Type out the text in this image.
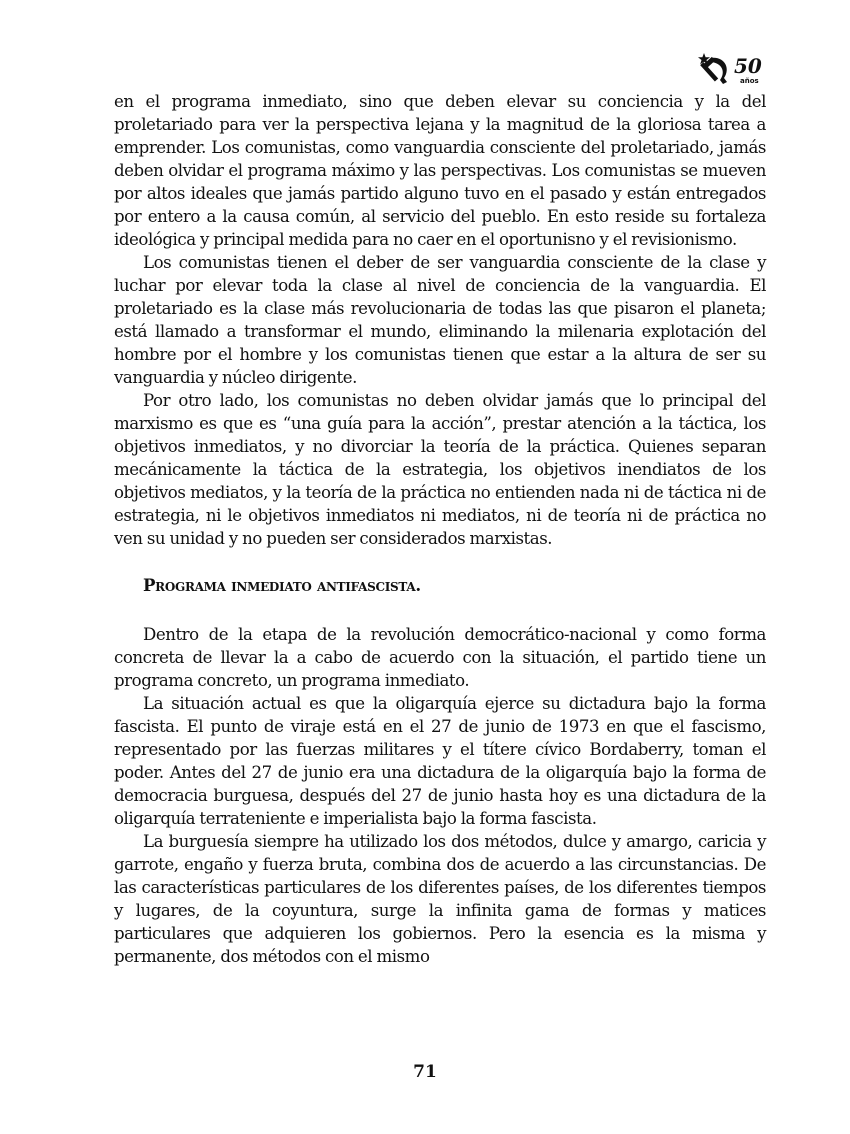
50
años

en el programa inmediato, sino que deben elevar su conciencia y la del proletariado para ver la perspectiva lejana y la magnitud de la gloriosa tarea a emprender. Los comunistas, como vanguardia consciente del proletariado, jamás deben olvidar el programa máximo y las perspectivas. Los comunistas se mueven por altos ideales que jamás partido alguno tuvo en el pasado y están entregados por entero a la causa común, al servicio del pueblo. En esto reside su fortaleza ideológica y principal medida para no caer en el oportunisno y el revisionismo.

Los comunistas tienen el deber de ser vanguardia consciente de la clase y luchar por elevar toda la clase al nivel de conciencia de la vanguardia. El proletariado es la clase más revolucionaria de todas las que pisaron el planeta; está llamado a transformar el mundo, eliminando la milenaria explotación del hombre por el hombre y los comunistas tienen que estar a la altura de ser su vanguardia y núcleo dirigente.

Por otro lado, los comunistas no deben olvidar jamás que lo principal del marxismo es que es “una guía para la acción”, prestar atención a la táctica, los objetivos inmediatos, y no divorciar la teoría de la práctica. Quienes separan mecánicamente la táctica de la estrategia, los objetivos inendiatos de los objetivos mediatos, y la teoría de la práctica no entienden nada ni de táctica ni de estrategia, ni le objetivos inmediatos ni mediatos, ni de teoría ni de práctica no ven su unidad y no pueden ser considerados marxistas.

Programa inmediato antifascista.

Dentro de la etapa de la revolución democrático-nacional y como forma concreta de llevar la a cabo de acuerdo con la situación, el partido tiene un programa concreto, un programa inmediato.

La situación actual es que la oligarquía ejerce su dictadura bajo la forma fascista. El punto de viraje está en el 27 de junio de 1973 en que el fascismo, representado por las fuerzas militares y el títere cívico Bordaberry, toman el poder. Antes del 27 de junio era una dictadura de la oligarquía bajo la forma de democracia burguesa, después del 27 de junio hasta hoy es una dictadura de la oligarquía terrateniente e imperialista bajo la forma fascista.

La burguesía siempre ha utilizado los dos métodos, dulce y amargo, caricia y garrote, engaño y fuerza bruta, combina dos de acuerdo a las circunstancias. De las características particulares de los diferentes países, de los diferentes tiempos y lugares, de la coyuntura, surge la infinita gama de formas y matices particulares que adquieren los gobiernos. Pero la esencia es la misma y permanente, dos métodos con el mismo

71
